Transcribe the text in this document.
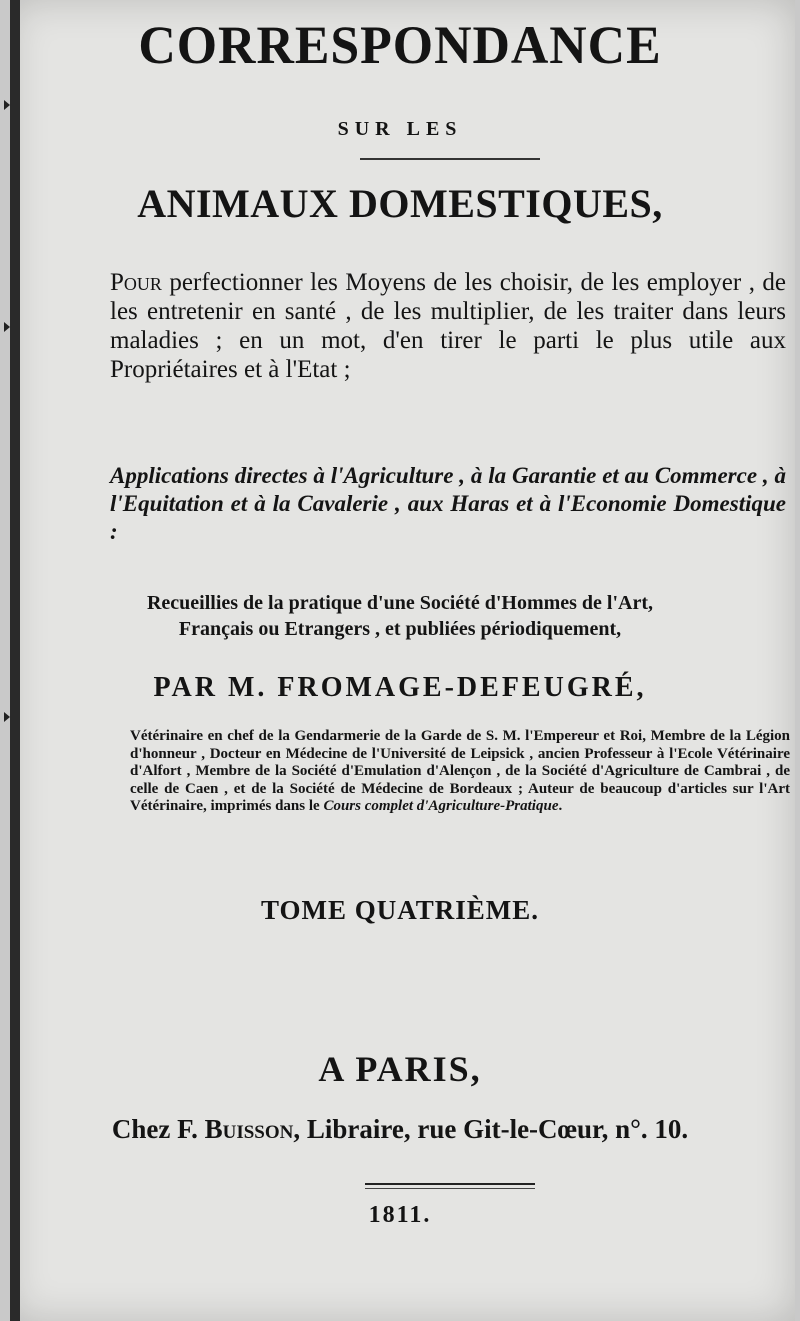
CORRESPONDANCE
SUR LES
ANIMAUX DOMESTIQUES,
Pour perfectionner les Moyens de les choisir, de les employer , de les entretenir en santé , de les multiplier, de les traiter dans leurs maladies ; en un mot, d'en tirer le parti le plus utile aux Propriétaires et à l'Etat ;
Applications directes à l'Agriculture , à la Garantie et au Commerce , à l'Equitation et à la Cavalerie , aux Haras et à l'Economie Domestique :
Recueillies de la pratique d'une Société d'Hommes de l'Art,
Français ou Etrangers , et publiées périodiquement,
PAR M. FROMAGE-DEFEUGRÉ,
Vétérinaire en chef de la Gendarmerie de la Garde de S. M. l'Empereur et Roi, Membre de la Légion d'honneur , Docteur en Médecine de l'Université de Leipsick , ancien Professeur à l'Ecole Vétérinaire d'Alfort , Membre de la Société d'Emulation d'Alençon , de la Société d'Agriculture de Cambrai , de celle de Caen , et de la Société de Médecine de Bordeaux ; Auteur de beaucoup d'articles sur l'Art Vétérinaire, imprimés dans le Cours complet d'Agriculture-Pratique.
TOME QUATRIÈME.
A PARIS,
Chez F. Buisson, Libraire, rue Git-le-Cœur, n°. 10.
1811.
